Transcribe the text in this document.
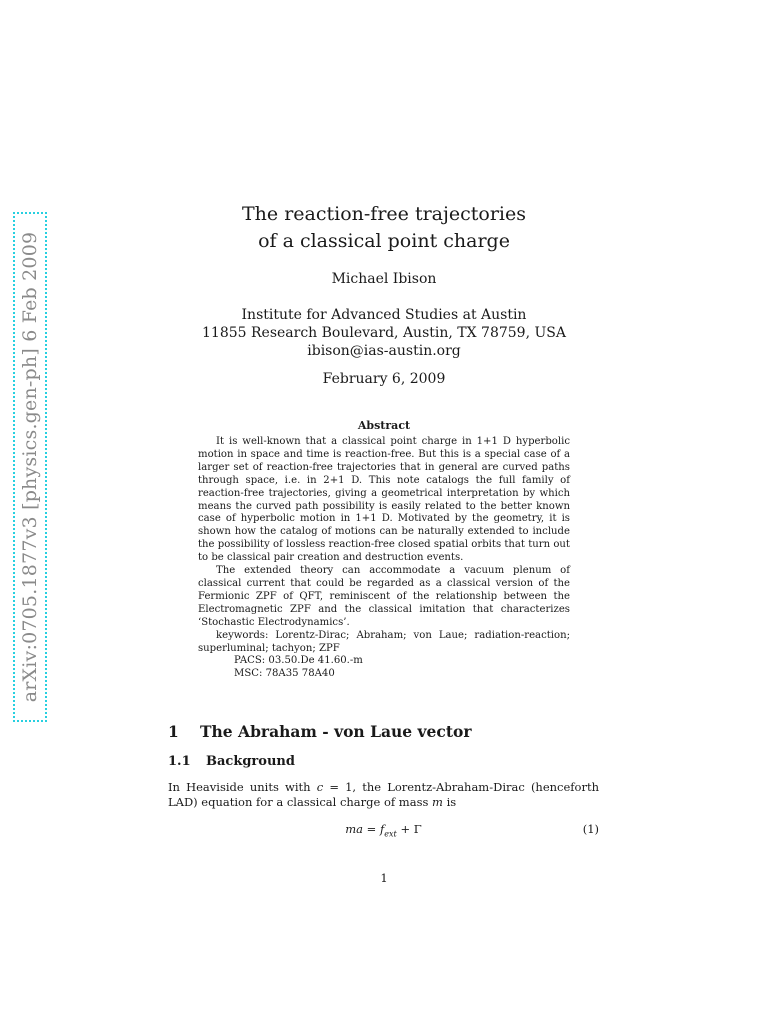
arXiv:0705.1877v3 [physics.gen-ph] 6 Feb 2009
The reaction-free trajectories
of a classical point charge
Michael Ibison
Institute for Advanced Studies at Austin
11855 Research Boulevard, Austin, TX 78759, USA
ibison@ias-austin.org
February 6, 2009
Abstract

It is well-known that a classical point charge in 1+1 D hyperbolic motion in space and time is reaction-free. But this is a special case of a larger set of reaction-free trajectories that in general are curved paths through space, i.e. in 2+1 D. This note catalogs the full family of reaction-free trajectories, giving a geometrical interpretation by which means the curved path possibility is easily related to the better known case of hyperbolic motion in 1+1 D. Motivated by the geometry, it is shown how the catalog of motions can be naturally extended to include the possibility of lossless reaction-free closed spatial orbits that turn out to be classical pair creation and destruction events.

The extended theory can accommodate a vacuum plenum of classical current that could be regarded as a classical version of the Fermionic ZPF of QFT, reminiscent of the relationship between the Electromagnetic ZPF and the classical imitation that characterizes ‘Stochastic Electrodynamics’.

keywords: Lorentz-Dirac; Abraham; von Laue; radiation-reaction; superluminal; tachyon; ZPF

PACS: 03.50.De 41.60.-m

MSC: 78A35 78A40

1 The Abraham - von Laue vector
1.1 Background

In Heaviside units with c = 1, the Lorentz-Abraham-Dirac (henceforth LAD) equation for a classical charge of mass m is

ma = $f_{ext} + \Gamma$	(1)
1
